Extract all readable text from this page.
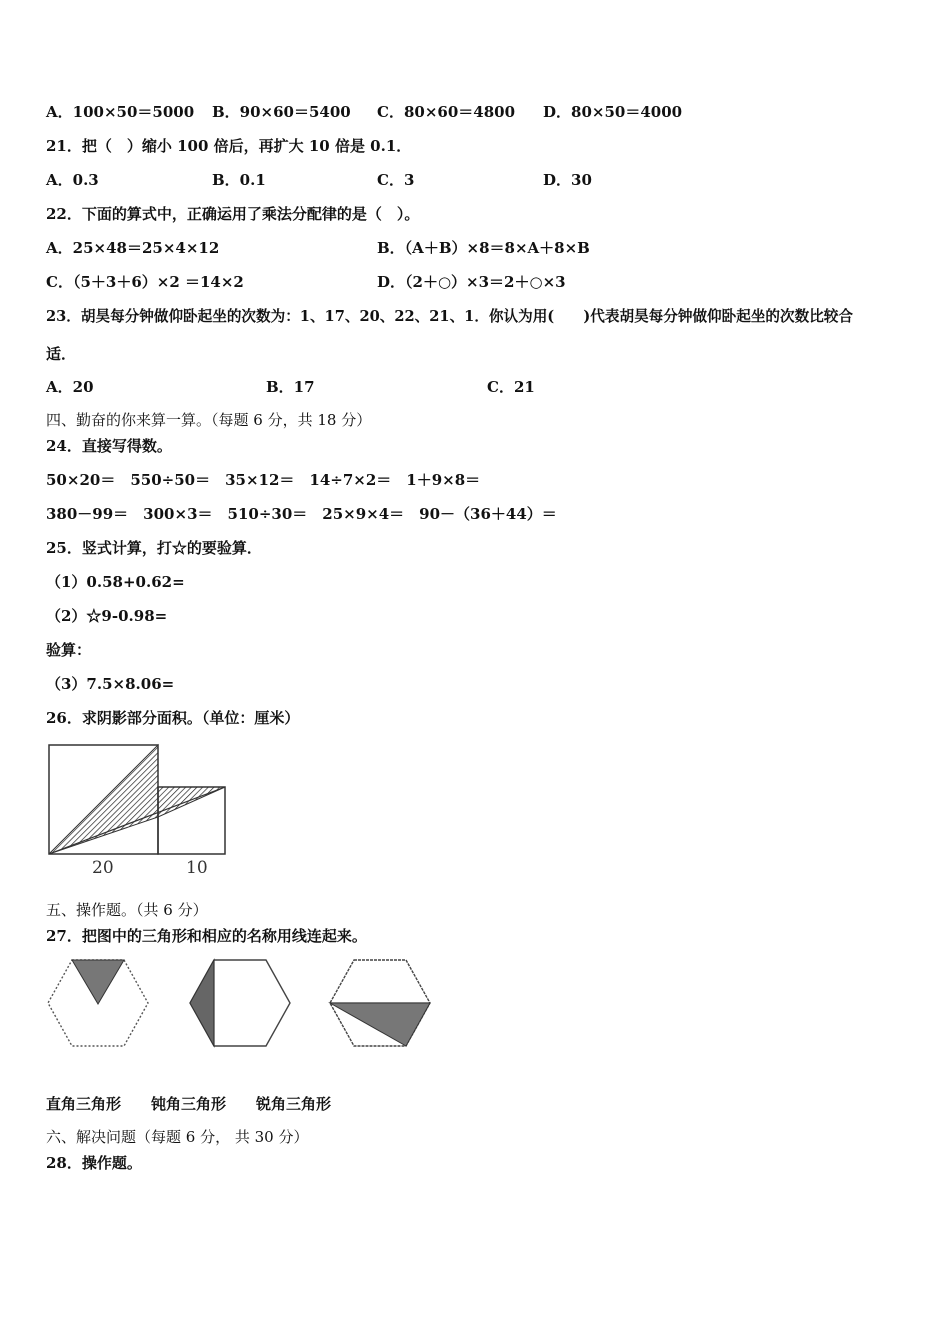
A．100×50＝5000 B．90×60＝5400 C．80×60＝4800 D．80×50＝4000
21．把（　）缩小 100 倍后，再扩大 10 倍是 0.1．
A．0.3	B．0.1	C．3	D．30
22．下面的算式中，正确运用了乘法分配律的是（　）。
A．25×48＝25×4×12	B．（A＋B）×8＝8×A＋8×B
C．（5＋3＋6）×2 ＝14×2	D．（2＋○）×3＝2＋○×3
23．胡昊每分钟做仰卧起坐的次数为：1、17、20、22、21、1．你认为用(　　)代表胡昊每分钟做仰卧起坐的次数比较合
适．
A．20	B．17	C．21
四、勤奋的你来算一算。（每题 6 分，共 18 分）
24．直接写得数。
50×20＝　550÷50＝　35×12＝　14÷7×2＝　1＋9×8＝
380－99＝　300×3＝　510÷30＝　25×9×4＝　90－（36＋44）＝
25．竖式计算，打☆的要验算．
（1）0.58+0.62=
（2）☆9-0.98=
验算：
（3）7.5×8.06=
26．求阴影部分面积。（单位：厘米）
20	10
五、操作题。（共 6 分）
27．把图中的三角形和相应的名称用线连起来。
直角三角形　　钝角三角形　　锐角三角形
六、解决问题（每题 6 分， 共 30 分）
28．操作题。
